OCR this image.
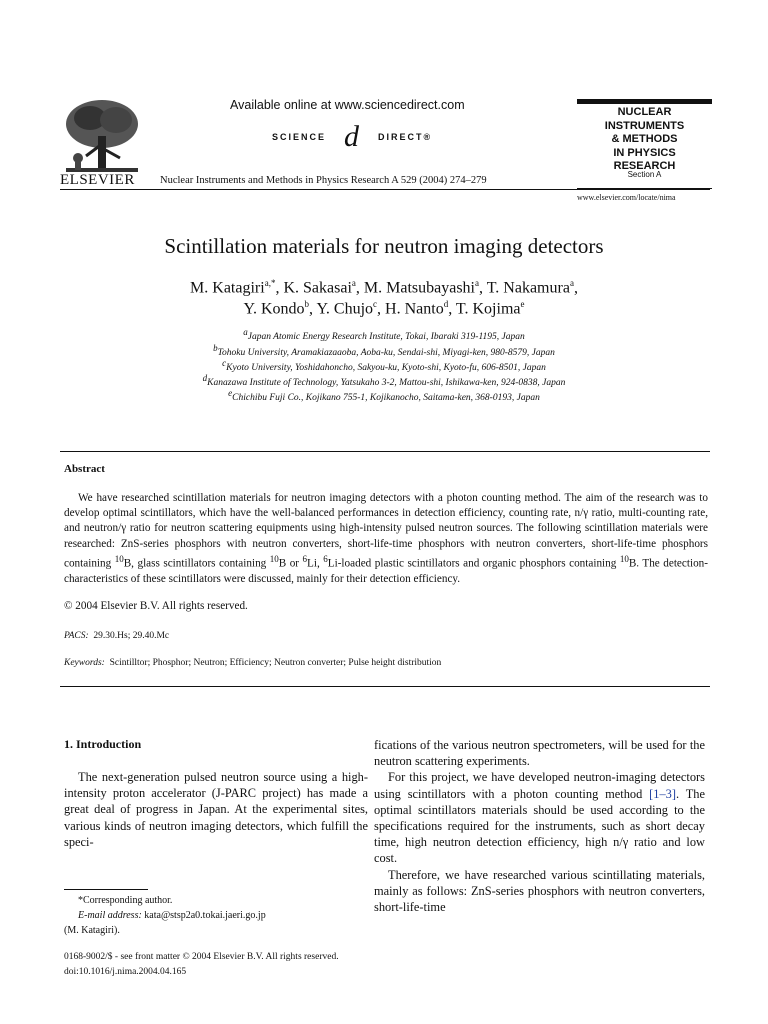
ELSEVIER
Available online at www.sciencedirect.com
SCIENCE d DIRECT®
Nuclear Instruments and Methods in Physics Research A 529 (2004) 274–279
NUCLEAR
INSTRUMENTS
& METHODS
IN PHYSICS
RESEARCH
Section A
www.elsevier.com/locate/nima
Scintillation materials for neutron imaging detectors
M. Katagiri$^{a,*}$, K. Sakasai$^a$, M. Matsubayashi$^a$, T. Nakamura$^a$,
Y. Kondo$^b$, Y. Chujo$^c$, H. Nanto$^d$, T. Kojima$^e$
$^a$Japan Atomic Energy Research Institute, Tokai, Ibaraki 319-1195, Japan
$^b$Tohoku University, Aramakiazaaoba, Aoba-ku, Sendai-shi, Miyagi-ken, 980-8579, Japan
$^c$Kyoto University, Yoshidahoncho, Sakyou-ku, Kyoto-shi, Kyoto-fu, 606-8501, Japan
$^d$Kanazawa Institute of Technology, Yatsukaho 3-2, Mattou-shi, Ishikawa-ken, 924-0838, Japan
$^e$Chichibu Fuji Co., Kojikano 755-1, Kojikanocho, Saitama-ken, 368-0193, Japan
Abstract
We have researched scintillation materials for neutron imaging detectors with a photon counting method. The aim of the research was to develop optimal scintillators, which have the well-balanced performances in detection efficiency, counting rate, n/γ ratio, multi-counting rate, and neutron/γ ratio for neutron scattering equipments using high-intensity pulsed neutron sources. The following scintillation materials were researched: ZnS-series phosphors with neutron converters, short-life-time phosphors with neutron converters, short-life-time phosphors containing $^{10}$B, glass scintillators containing $^{10}$B or $^6$Li, $^6$Li-loaded plastic scintillators and organic phosphors containing $^{10}$B. The detection-characteristics of these scintillators were discussed, mainly for their detection efficiency.
© 2004 Elsevier B.V. All rights reserved.
PACS: 29.30.Hs; 29.40.Mc
Keywords: Scintilltor; Phosphor; Neutron; Efficiency; Neutron converter; Pulse height distribution
1. Introduction
The next-generation pulsed neutron source using a high-intensity proton accelerator (J-PARC project) has made a great deal of progress in Japan. At the experimental sites, various kinds of neutron imaging detectors, which fulfill the speci-

fications of the various neutron spectrometers, will be used for the neutron scattering experiments.

For this project, we have developed neutron-imaging detectors using scintillators with a photon counting method [1–3]. The optimal scintillators materials should be used according to the specifications required for the instruments, such as short decay time, high neutron detection efficiency, high n/γ ratio and low cost.

Therefore, we have researched various scintillating materials, mainly as follows: ZnS-series phosphors with neutron converters, short-life-time

*Corresponding author.
E-mail address: kata@stsp2a0.tokai.jaeri.go.jp
(M. Katagiri).
0168-9002/$ - see front matter © 2004 Elsevier B.V. All rights reserved.
doi:10.1016/j.nima.2004.04.165
